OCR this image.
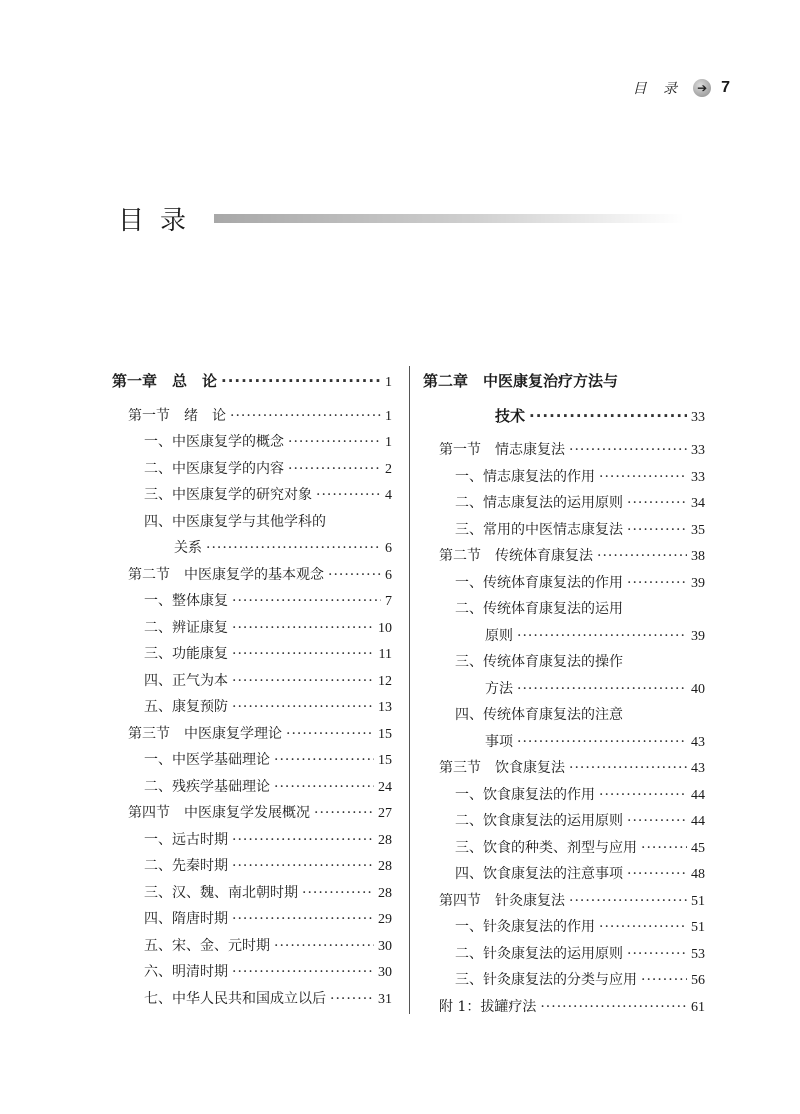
目 录	➔ 7
目录
第一章　总　论 ·····	1
第一节　绪　论 ·····	1
一、中医康复学的概念 ·····	1
二、中医康复学的内容 ·····	2
三、中医康复学的研究对象 ·····	4
四、中医康复学与其他学科的
关系 ·····	6
第二节　中医康复学的基本观念 ·····	6
一、整体康复 ·····	7
二、辨证康复 ·····	10
三、功能康复 ·····	11
四、正气为本 ·····	12
五、康复预防 ·····	13
第三节　中医康复学理论 ·····	15
一、中医学基础理论 ·····	15
二、残疾学基础理论 ·····	24
第四节　中医康复学发展概况 ·····	27
一、远古时期 ·····	28
二、先秦时期 ·····	28
三、汉、魏、南北朝时期 ·····	28
四、隋唐时期 ·····	29
五、宋、金、元时期 ·····	30
六、明清时期 ·····	30
七、中华人民共和国成立以后 ·····	31
第二章　中医康复治疗方法与
技术 ·····	33
第一节　情志康复法 ·····	33
一、情志康复法的作用 ·····	33
二、情志康复法的运用原则 ·····	34
三、常用的中医情志康复法 ·····	35
第二节　传统体育康复法 ·····	38
一、传统体育康复法的作用 ·····	39
二、传统体育康复法的运用
原则 ·····	39
三、传统体育康复法的操作
方法 ·····	40
四、传统体育康复法的注意
事项 ·····	43
第三节　饮食康复法 ·····	43
一、饮食康复法的作用 ·····	44
二、饮食康复法的运用原则 ·····	44
三、饮食的种类、剂型与应用 ·····	45
四、饮食康复法的注意事项 ·····	48
第四节　针灸康复法 ·····	51
一、针灸康复法的作用 ·····	51
二、针灸康复法的运用原则 ·····	53
三、针灸康复法的分类与应用 ·····	56
附 1：拔罐疗法 ·····	61
